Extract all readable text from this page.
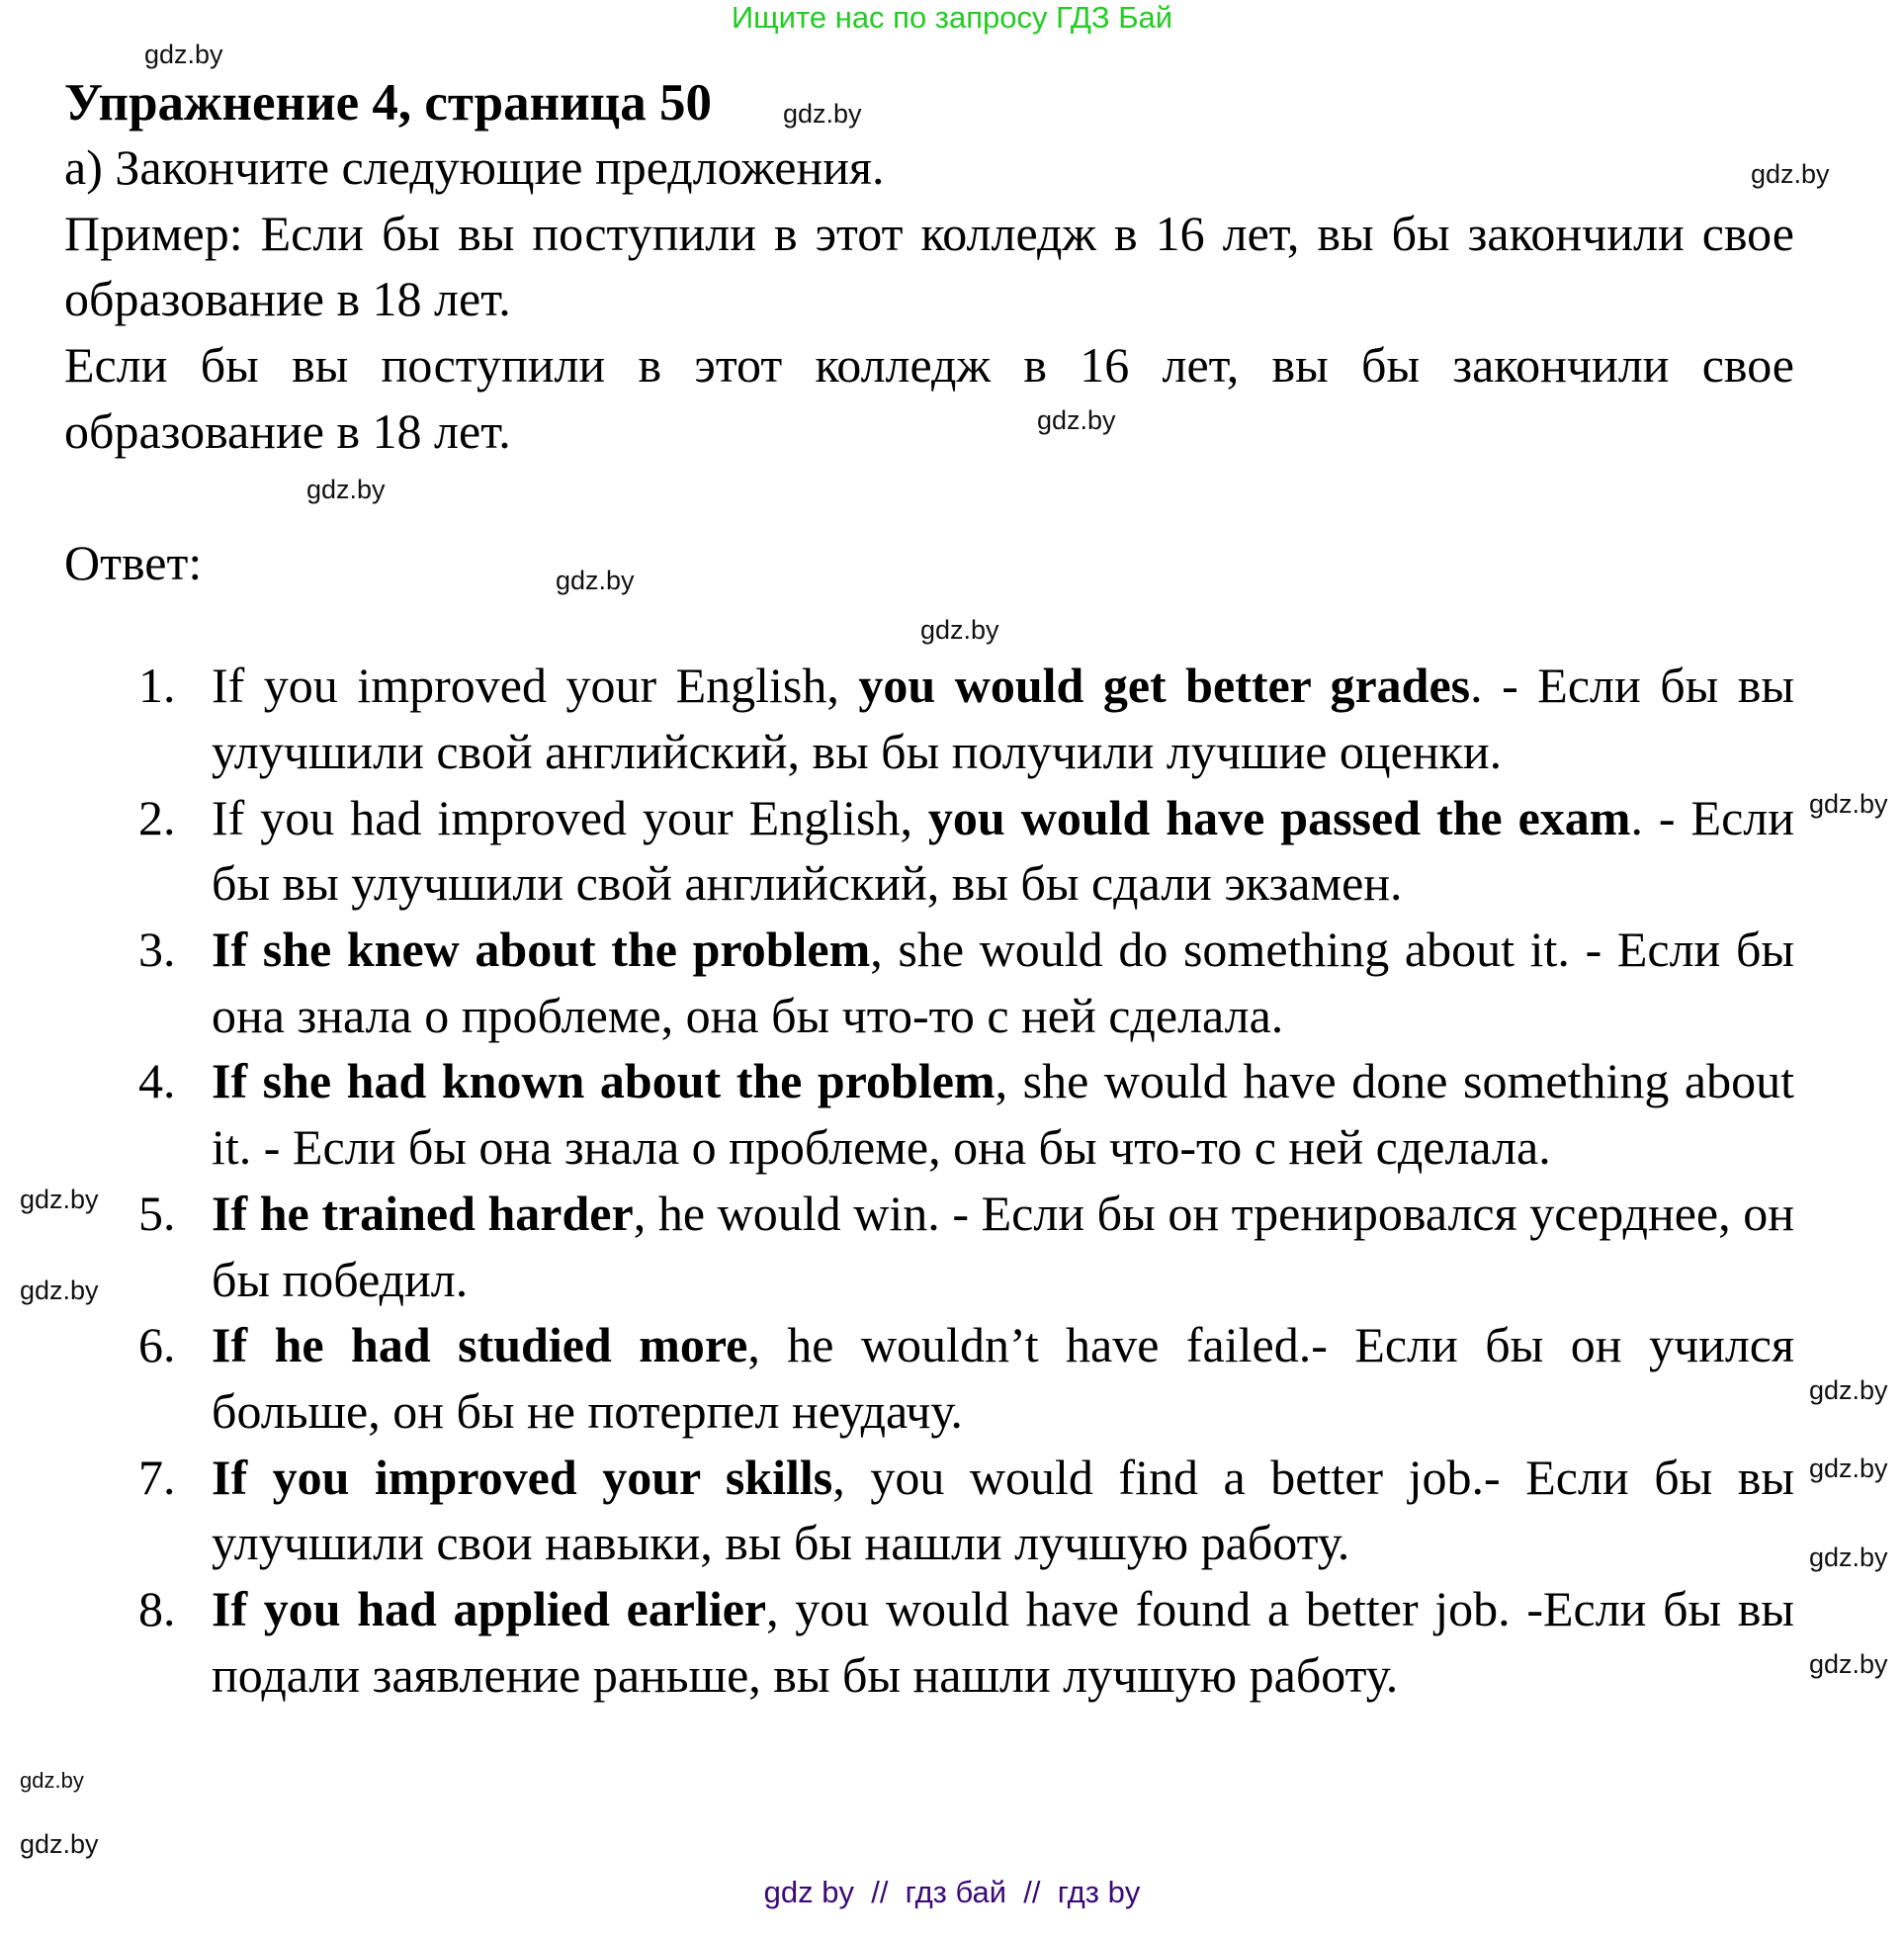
Ищите нас по запросу ГДЗ Бай
Упражнение 4, страница 50

а) Закончите следующие предложения.

Пример: Если бы вы поступили в этот колледж в 16 лет, вы бы закончили свое образование в 18 лет.

Если бы вы поступили в этот колледж в 16 лет, вы бы закончили свое образование в 18 лет.

Ответ:

1. If you improved your English, you would get better grades. - Если бы вы улучшили свой английский, вы бы получили лучшие оценки.
2. If you had improved your English, you would have passed the exam. - Если бы вы улучшили свой английский, вы бы сдали экзамен.
3. If she knew about the problem, she would do something about it. - Если бы она знала о проблеме, она бы что-то с ней сделала.
4. If she had known about the problem, she would have done something about it. - Если бы она знала о проблеме, она бы что-то с ней сделала.
5. If he trained harder, he would win. - Если бы он тренировался усерднее, он бы победил.
6. If he had studied more, he wouldn’t have failed.- Если бы он учился больше, он бы не потерпел неудачу.
7. If you improved your skills, you would find a better job.- Если бы вы улучшили свои навыки, вы бы нашли лучшую работу.
8. If you had applied earlier, you would have found a better job. -Если бы вы подали заявление раньше, вы бы нашли лучшую работу.
gdz.by
gdz.by
gdz.by
gdz.by
gdz.by
gdz.by
gdz.by
gdz.by
gdz.by
gdz.by
gdz.by
gdz.by
gdz.by
gdz.by
gdz.by
gdz.by
gdz by  //  гдз бай  //  гдз by
